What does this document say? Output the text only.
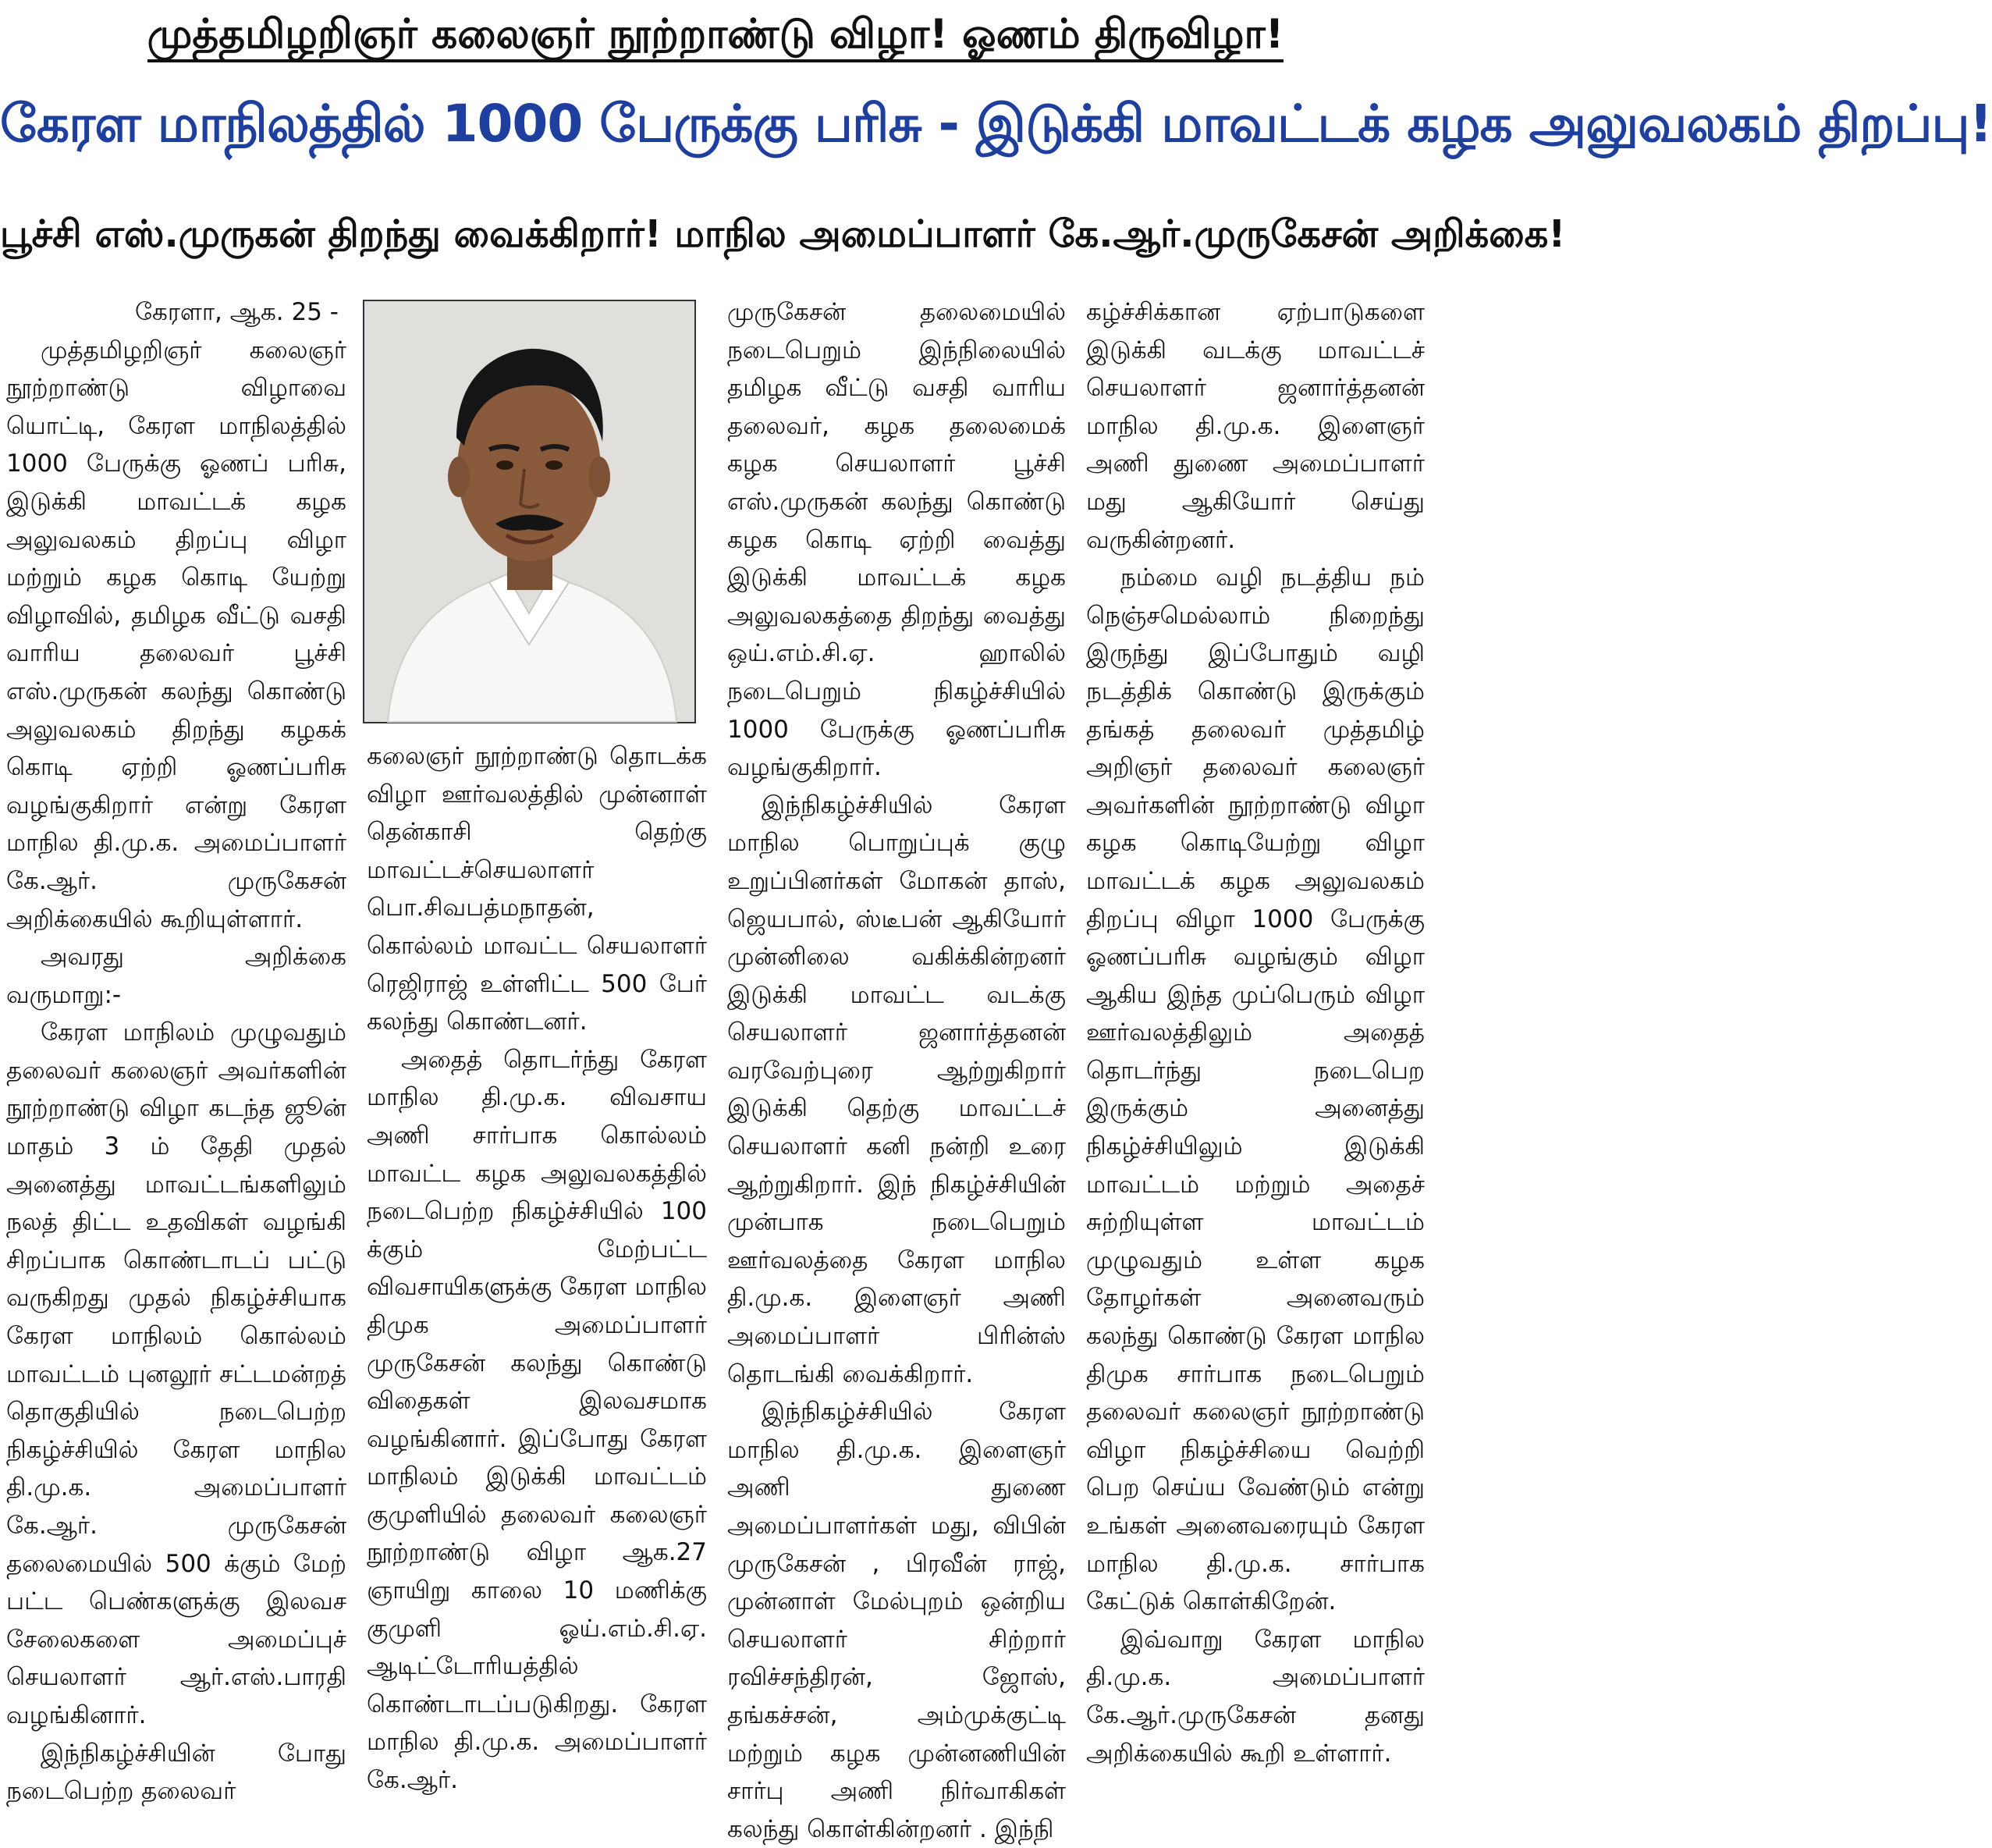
முத்தமிழறிஞர் கலைஞர் நூற்றாண்டு விழா! ஓணம் திருவிழா!
கேரள மாநிலத்தில் 1000 பேருக்கு பரிசு - இடுக்கி மாவட்டக் கழக அலுவலகம் திறப்பு!
பூச்சி எஸ்.முருகன் திறந்து வைக்கிறார்! மாநில அமைப்பாளர் கே.ஆர்.முருகேசன் அறிக்கை!

கேரளா, ஆக. 25 -

முத்தமிழறிஞர் கலைஞர் நூற்றாண்டு விழாவை யொட்டி, கேரள மாநிலத்தில் 1000 பேருக்கு ஓணப் பரிசு, இடுக்கி மாவட்டக் கழக அலுவலகம் திறப்பு விழா மற்றும் கழக கொடி யேற்று விழாவில், தமிழக வீட்டு வசதி வாரிய தலைவர் பூச்சி எஸ்.முருகன் கலந்து கொண்டு அலுவலகம் திறந்து கழகக் கொடி ஏற்றி ஓணப்பரிசு வழங்குகிறார் என்று கேரள மாநில தி.மு.க. அமைப்பாளர் கே.ஆர். முருகேசன் அறிக்கையில் கூறியுள்ளார்.

அவரது அறிக்கை வருமாறு:-

கேரள மாநிலம் முழுவதும் தலைவர் கலைஞர் அவர்களின் நூற்றாண்டு விழா கடந்த ஜூன் மாதம் 3 ம் தேதி முதல் அனைத்து மாவட்டங்களிலும் நலத் திட்ட உதவிகள் வழங்கி சிறப்பாக கொண்டாடப் பட்டு வருகிறது முதல் நிகழ்ச்சியாக கேரள மாநிலம் கொல்லம் மாவட்டம் புனலூர் சட்டமன்றத் தொகுதியில் நடைபெற்ற நிகழ்ச்சியில் கேரள மாநில தி.மு.க. அமைப்பாளர் கே.ஆர். முருகேசன் தலைமையில் 500 க்கும் மேற் பட்ட பெண்களுக்கு இலவச சேலைகளை அமைப்புச் செயலாளர் ஆர்.எஸ்.பாரதி வழங்கினார்.

இந்நிகழ்ச்சியின் போது நடைபெற்ற தலைவர்

கலைஞர் நூற்றாண்டு தொடக்க விழா ஊர்வலத்தில் முன்னாள் தென்காசி தெற்கு மாவட்டச்செயலாளர் பொ.சிவபத்மநாதன், கொல்லம் மாவட்ட செயலாளர் ரெஜிராஜ் உள்ளிட்ட 500 பேர் கலந்து கொண்டனர்.

அதைத் தொடர்ந்து கேரள மாநில தி.மு.க. விவசாய அணி சார்பாக கொல்லம் மாவட்ட கழக அலுவலகத்தில் நடைபெற்ற நிகழ்ச்சியில் 100 க்கும் மேற்பட்ட விவசாயிகளுக்கு கேரள மாநில திமுக அமைப்பாளர் முருகேசன் கலந்து கொண்டு விதைகள் இலவசமாக வழங்கினார். இப்போது கேரள மாநிலம் இடுக்கி மாவட்டம் குமுளியில் தலைவர் கலைஞர் நூற்றாண்டு விழா ஆக.27 ஞாயிறு காலை 10 மணிக்கு குமுளி ஓய்.எம்.சி.ஏ. ஆடிட்டோரியத்தில் கொண்டாடப்படுகிறது. கேரள மாநில தி.மு.க. அமைப்பாளர் கே.ஆர்.

முருகேசன் தலைமையில் நடைபெறும் இந்நிலையில் தமிழக வீட்டு வசதி வாரிய தலைவர், கழக தலைமைக் கழக செயலாளர் பூச்சி எஸ்.முருகன் கலந்து கொண்டு கழக கொடி ஏற்றி வைத்து இடுக்கி மாவட்டக் கழக அலுவலகத்தை திறந்து வைத்து ஒய்.எம்.சி.ஏ. ஹாலில் நடைபெறும் நிகழ்ச்சியில் 1000 பேருக்கு ஓணப்பரிசு வழங்குகிறார்.

இந்நிகழ்ச்சியில் கேரள மாநில பொறுப்புக் குழு உறுப்பினர்கள் மோகன் தாஸ், ஜெயபால், ஸ்டீபன் ஆகியோர் முன்னிலை வகிக்கின்றனர் இடுக்கி மாவட்ட வடக்கு செயலாளர் ஜனார்த்தனன் வரவேற்புரை ஆற்றுகிறார் இடுக்கி தெற்கு மாவட்டச் செயலாளர் கனி நன்றி உரை ஆற்றுகிறார். இந் நிகழ்ச்சியின் முன்பாக நடைபெறும் ஊர்வலத்தை கேரள மாநில தி.மு.க. இளைஞர் அணி அமைப்பாளர் பிரின்ஸ் தொடங்கி வைக்கிறார்.

இந்நிகழ்ச்சியில் கேரள மாநில தி.மு.க. இளைஞர் அணி துணை அமைப்பாளர்கள் மது, விபின் முருகேசன் , பிரவீன் ராஜ், முன்னாள் மேல்புறம் ஒன்றிய செயலாளர் சிற்றார் ரவிச்சந்திரன், ஜோஸ், தங்கச்சன், அம்முக்குட்டி மற்றும் கழக முன்னணியின் சார்பு அணி நிர்வாகிகள் கலந்து கொள்கின்றனர் . இந்நி

கழ்ச்சிக்கான ஏற்பாடுகளை இடுக்கி வடக்கு மாவட்டச் செயலாளர் ஜனார்த்தனன் மாநில தி.மு.க. இளைஞர் அணி துணை அமைப்பாளர் மது ஆகியோர் செய்து வருகின்றனர்.

நம்மை வழி நடத்திய நம் நெஞ்சமெல்லாம் நிறைந்து இருந்து இப்போதும் வழி நடத்திக் கொண்டு இருக்கும் தங்கத் தலைவர் முத்தமிழ் அறிஞர் தலைவர் கலைஞர் அவர்களின் நூற்றாண்டு விழா கழக கொடியேற்று விழா மாவட்டக் கழக அலுவலகம் திறப்பு விழா 1000 பேருக்கு ஓணப்பரிசு வழங்கும் விழா ஆகிய இந்த முப்பெரும் விழா ஊர்வலத்திலும் அதைத் தொடர்ந்து நடைபெற இருக்கும் அனைத்து நிகழ்ச்சியிலும் இடுக்கி மாவட்டம் மற்றும் அதைச் சுற்றியுள்ள மாவட்டம் முழுவதும் உள்ள கழக தோழர்கள் அனைவரும் கலந்து கொண்டு கேரள மாநில திமுக சார்பாக நடைபெறும் தலைவர் கலைஞர் நூற்றாண்டு விழா நிகழ்ச்சியை வெற்றி பெற செய்ய வேண்டும் என்று உங்கள் அனைவரையும் கேரள மாநில தி.மு.க. சார்பாக கேட்டுக் கொள்கிறேன்.

இவ்வாறு கேரள மாநில தி.மு.க. அமைப்பாளர் கே.ஆர்.முருகேசன் தனது அறிக்கையில் கூறி உள்ளார்.
